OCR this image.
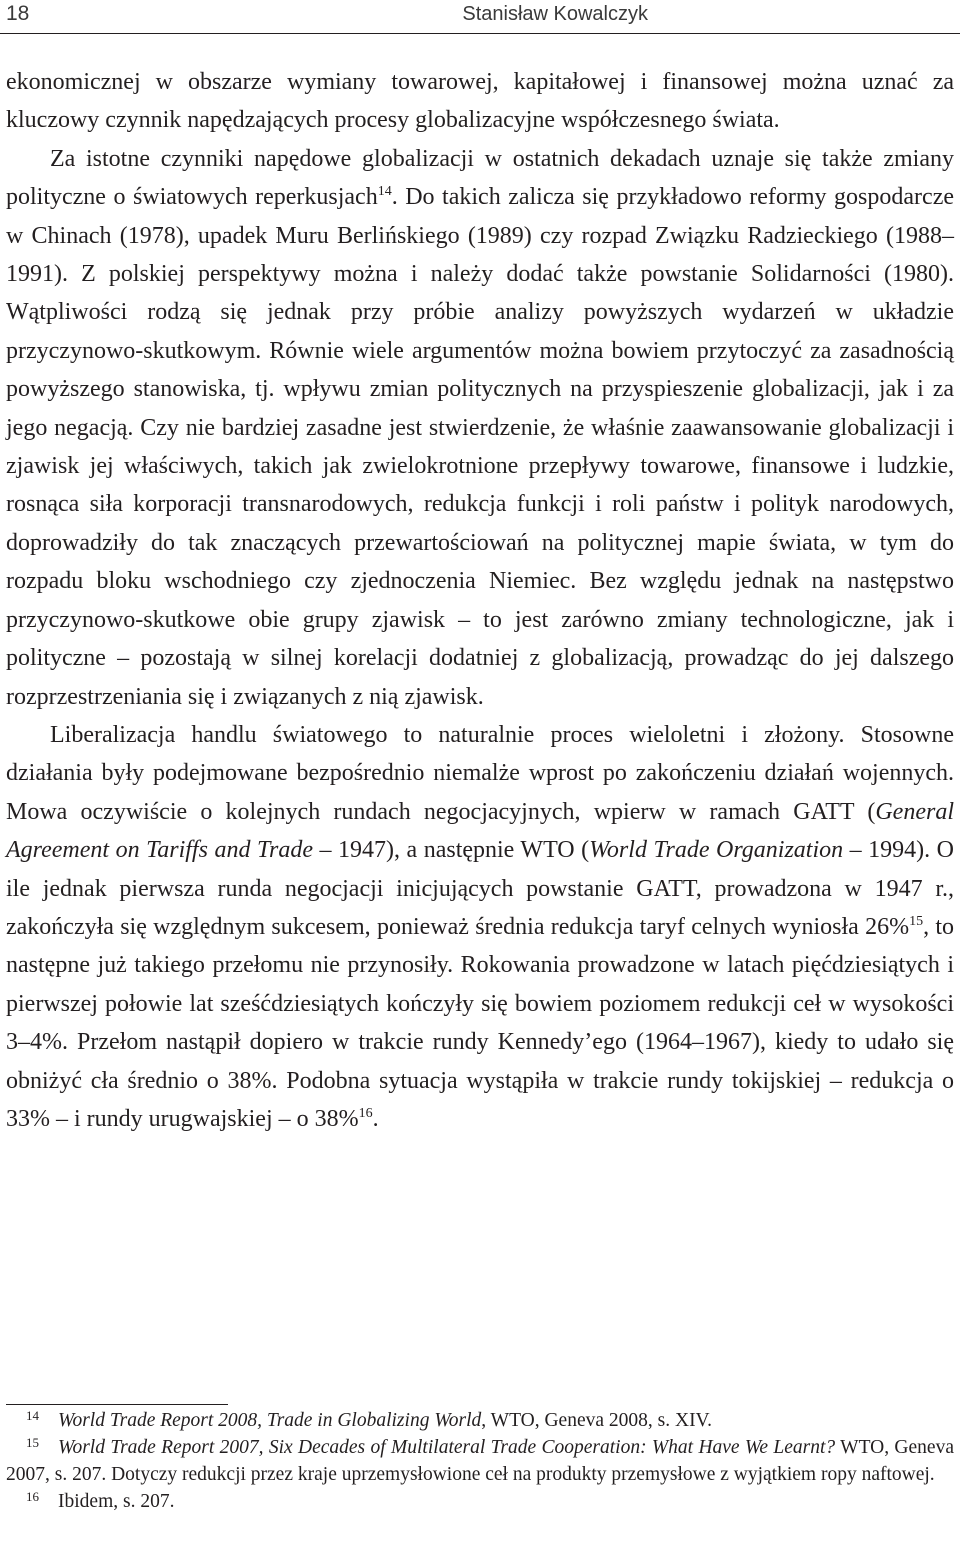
18	Stanisław Kowalczyk

ekonomicznej w obszarze wymiany towarowej, kapitałowej i finansowej można uznać za kluczowy czynnik napędzających procesy globalizacyjne współczesnego świata.

Za istotne czynniki napędowe globalizacji w ostatnich dekadach uznaje się także zmiany polityczne o światowych reperkusjach$^{14}$. Do takich zalicza się przykładowo reformy gospodarcze w Chinach (1978), upadek Muru Berlińskiego (1989) czy rozpad Związku Radzieckiego (1988–1991). Z polskiej perspektywy można i należy dodać także powstanie Solidarności (1980). Wątpliwości rodzą się jednak przy próbie analizy powyższych wydarzeń w układzie przyczynowo-skutkowym. Równie wiele argumentów można bowiem przytoczyć za zasadnością powyższego stanowiska, tj. wpływu zmian politycznych na przyspieszenie globalizacji, jak i za jego negacją. Czy nie bardziej zasadne jest stwierdzenie, że właśnie zaawansowanie globalizacji i zjawisk jej właściwych, takich jak zwielokrotnione przepływy towarowe, finansowe i ludzkie, rosnąca siła korporacji transnarodowych, redukcja funkcji i roli państw i polityk narodowych, doprowadziły do tak znaczących przewartościowań na politycznej mapie świata, w tym do rozpadu bloku wschodniego czy zjednoczenia Niemiec. Bez względu jednak na następstwo przyczynowo-skutkowe obie grupy zjawisk – to jest zarówno zmiany technologiczne, jak i polityczne – pozostają w silnej korelacji dodatniej z globalizacją, prowadząc do jej dalszego rozprzestrzeniania się i związanych z nią zjawisk.

Liberalizacja handlu światowego to naturalnie proces wieloletni i złożony. Stosowne działania były podejmowane bezpośrednio niemalże wprost po zakończeniu działań wojennych. Mowa oczywiście o kolejnych rundach negocjacyjnych, wpierw w ramach GATT (General Agreement on Tariffs and Trade – 1947), a następnie WTO (World Trade Organization – 1994). O ile jednak pierwsza runda negocjacji inicjujących powstanie GATT, prowadzona w 1947 r., zakończyła się względnym sukcesem, ponieważ średnia redukcja taryf celnych wyniosła 26%$^{15}$, to następne już takiego przełomu nie przynosiły. Rokowania prowadzone w latach pięćdziesiątych i pierwszej połowie lat sześćdziesiątych kończyły się bowiem poziomem redukcji ceł w wysokości 3–4%. Przełom nastąpił dopiero w trakcie rundy Kennedy’ego (1964–1967), kiedy to udało się obniżyć cła średnio o 38%. Podobna sytuacja wystąpiła w trakcie rundy tokijskiej – redukcja o 33% – i rundy urugwajskiej – o 38%$^{16}$.

14 World Trade Report 2008, Trade in Globalizing World, WTO, Geneva 2008, s. XIV.

15 World Trade Report 2007, Six Decades of Multilateral Trade Cooperation: What Have We Learnt? WTO, Geneva 2007, s. 207. Dotyczy redukcji przez kraje uprzemysłowione ceł na produkty przemysłowe z wyjątkiem ropy naftowej.

16 Ibidem, s. 207.
